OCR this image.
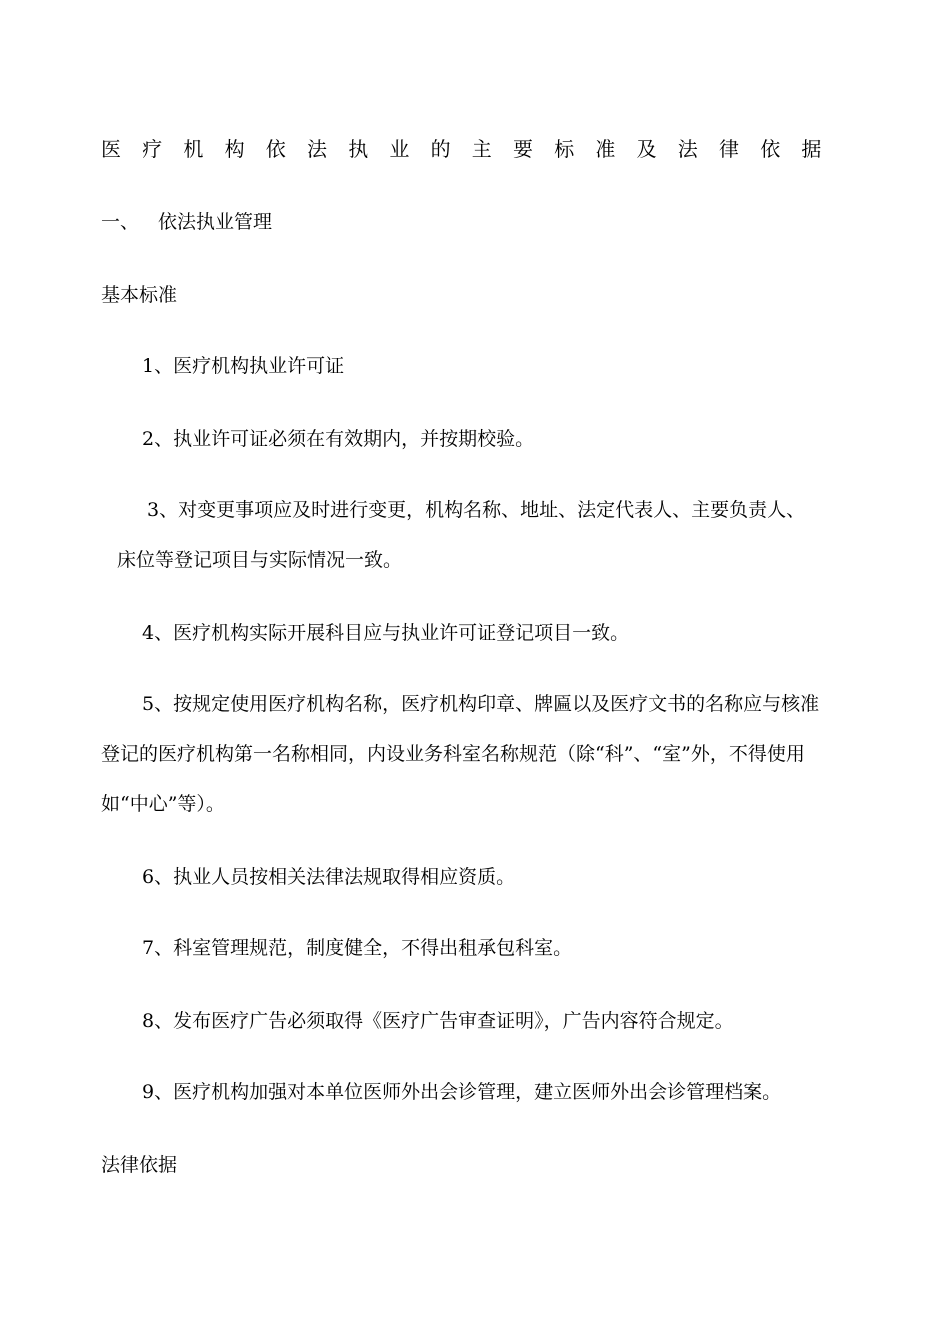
医疗机构依法执业的主要标准及法律依据
一、 依法执业管理
基本标准
1、医疗机构执业许可证
2、执业许可证必须在有效期内，并按期校验。
3、对变更事项应及时进行变更，机构名称、地址、法定代表人、主要负责人、
床位等登记项目与实际情况一致。
4、医疗机构实际开展科目应与执业许可证登记项目一致。
5、按规定使用医疗机构名称，医疗机构印章、牌匾以及医疗文书的名称应与核准
登记的医疗机构第一名称相同，内设业务科室名称规范（除“科”、“室”外，不得使用
如“中心”等）。
6、执业人员按相关法律法规取得相应资质。
7、科室管理规范，制度健全，不得出租承包科室。
8、发布医疗广告必须取得《医疗广告审查证明》，广告内容符合规定。
9、医疗机构加强对本单位医师外出会诊管理，建立医师外出会诊管理档案。
法律依据
